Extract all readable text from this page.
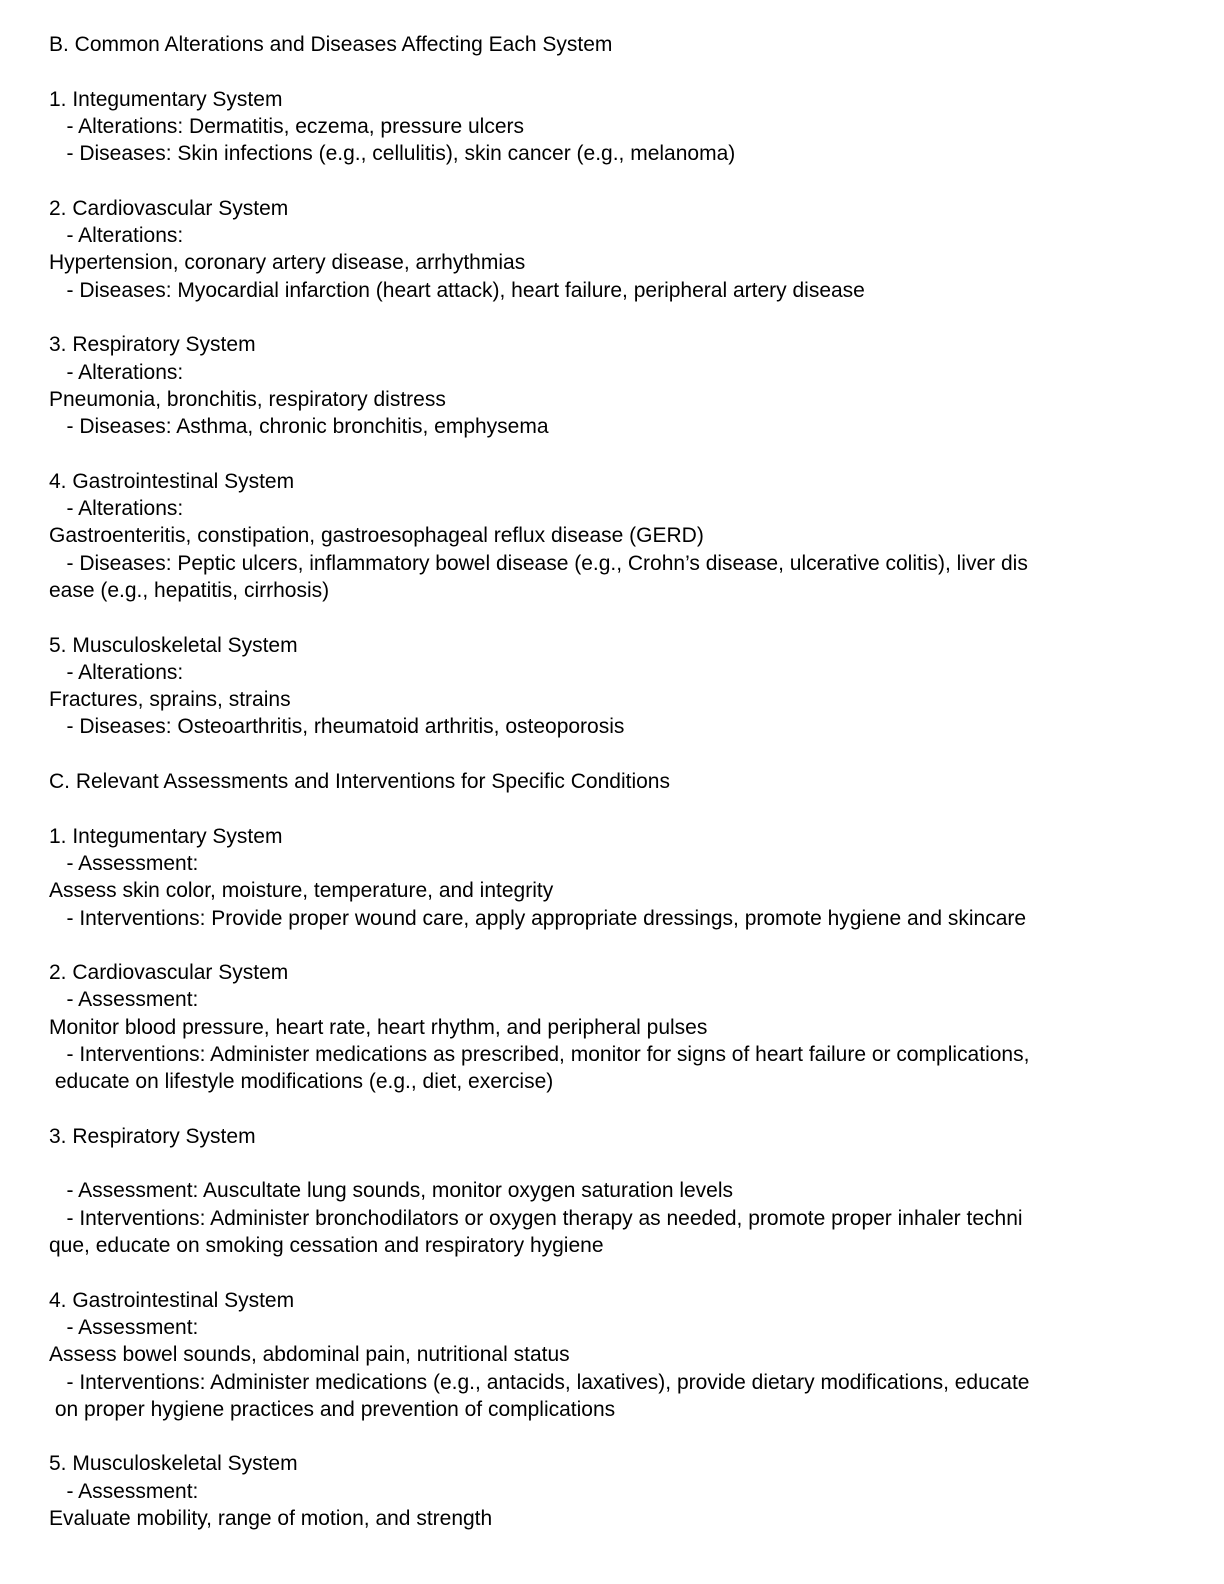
B. Common Alterations and Diseases Affecting Each System
1. Integumentary System
- Alterations: Dermatitis, eczema, pressure ulcers
- Diseases: Skin infections (e.g., cellulitis), skin cancer (e.g., melanoma)
2. Cardiovascular System
- Alterations:
Hypertension, coronary artery disease, arrhythmias
- Diseases: Myocardial infarction (heart attack), heart failure, peripheral artery disease
3. Respiratory System
- Alterations:
Pneumonia, bronchitis, respiratory distress
- Diseases: Asthma, chronic bronchitis, emphysema
4. Gastrointestinal System
- Alterations:
Gastroenteritis, constipation, gastroesophageal reflux disease (GERD)
- Diseases: Peptic ulcers, inflammatory bowel disease (e.g., Crohn’s disease, ulcerative colitis), liver dis
ease (e.g., hepatitis, cirrhosis)
5. Musculoskeletal System
- Alterations:
Fractures, sprains, strains
- Diseases: Osteoarthritis, rheumatoid arthritis, osteoporosis
C. Relevant Assessments and Interventions for Specific Conditions
1. Integumentary System
- Assessment:
Assess skin color, moisture, temperature, and integrity
- Interventions: Provide proper wound care, apply appropriate dressings, promote hygiene and skincare
2. Cardiovascular System
- Assessment:
Monitor blood pressure, heart rate, heart rhythm, and peripheral pulses
- Interventions: Administer medications as prescribed, monitor for signs of heart failure or complications,
educate on lifestyle modifications (e.g., diet, exercise)
3. Respiratory System
- Assessment: Auscultate lung sounds, monitor oxygen saturation levels
- Interventions: Administer bronchodilators or oxygen therapy as needed, promote proper inhaler techni
que, educate on smoking cessation and respiratory hygiene
4. Gastrointestinal System
- Assessment:
Assess bowel sounds, abdominal pain, nutritional status
- Interventions: Administer medications (e.g., antacids, laxatives), provide dietary modifications, educate
on proper hygiene practices and prevention of complications
5. Musculoskeletal System
- Assessment:
Evaluate mobility, range of motion, and strength
